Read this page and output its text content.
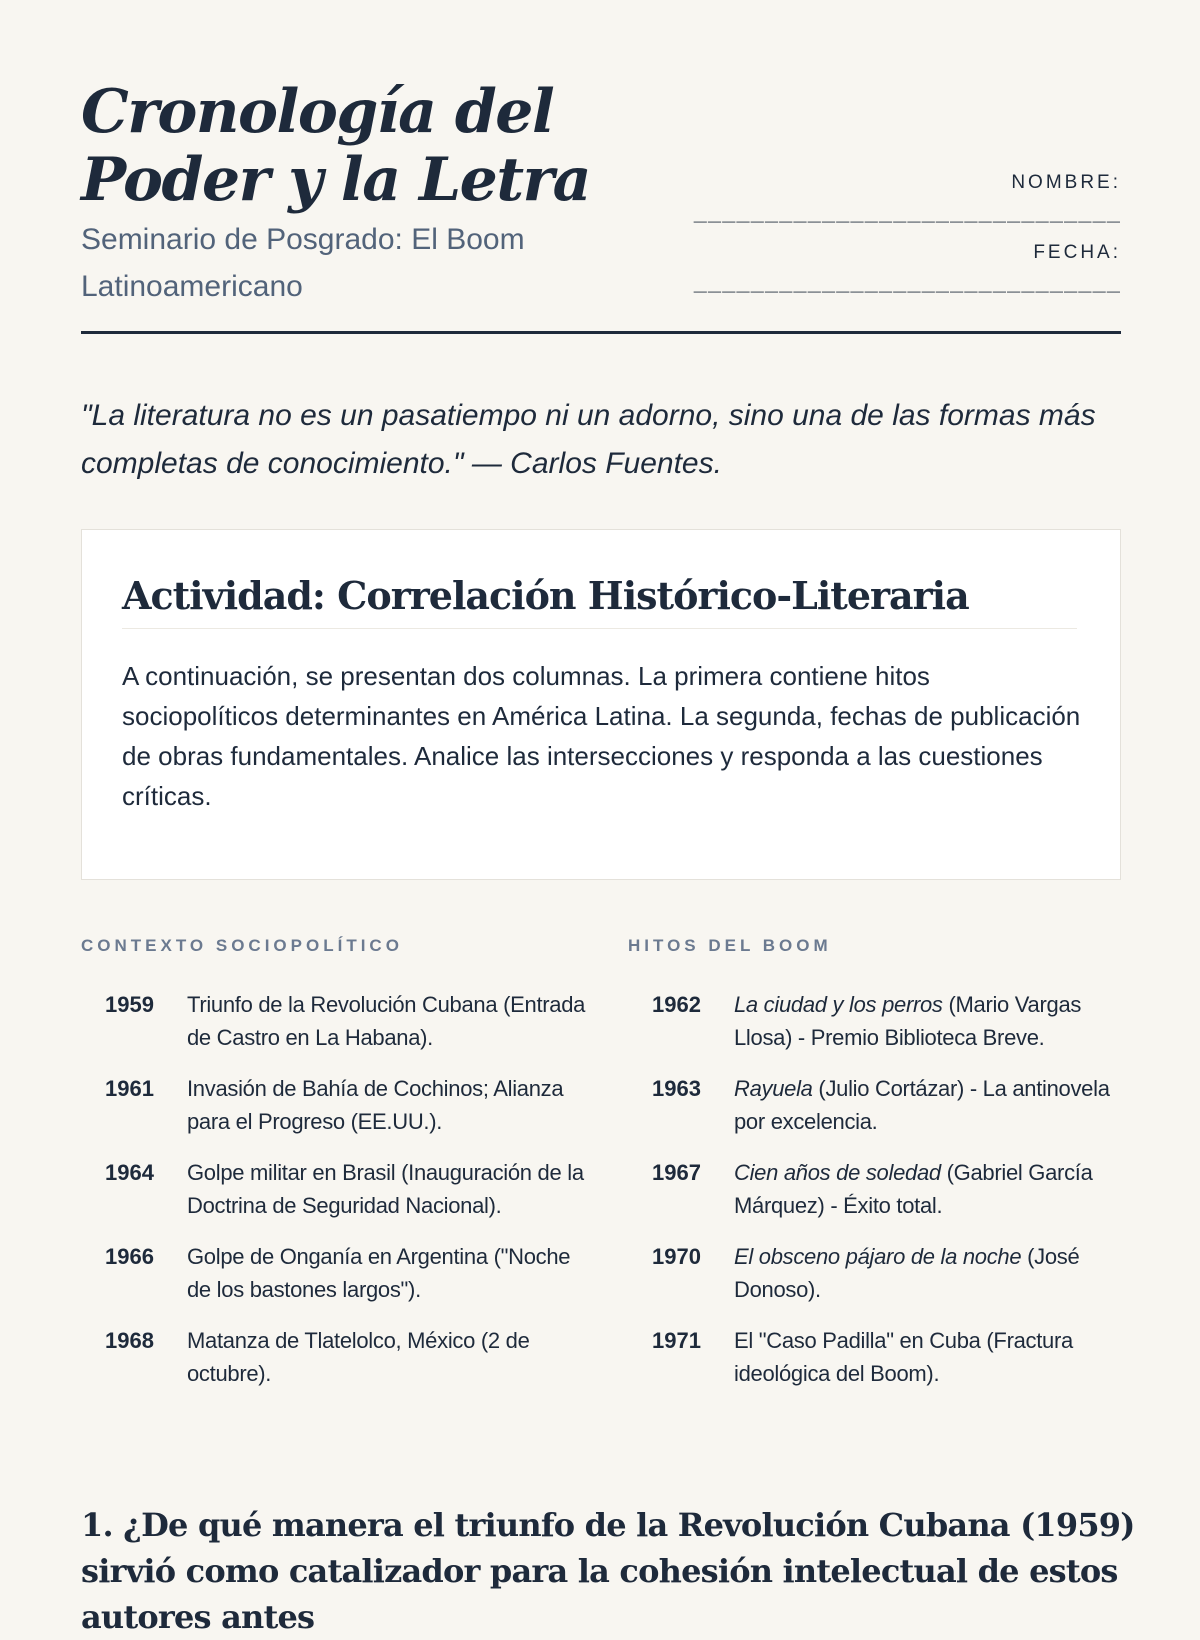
Cronología del
Poder y la Letra
Seminario de Posgrado: El Boom Latinoamericano
NOMBRE:
______________________________
FECHA:
______________________________

"La literatura no es un pasatiempo ni un adorno, sino una de las formas más completas de conocimiento." — Carlos Fuentes.

Actividad: Correlación Histórico-Literaria

A continuación, se presentan dos columnas. La primera contiene hitos sociopolíticos determinantes en América Latina. La segunda, fechas de publicación de obras fundamentales. Analice las intersecciones y responda a las cuestiones críticas.

CONTEXTO SOCIOPOLÍTICO
1959	Triunfo de la Revolución Cubana (Entrada de Castro en La Habana).
1961	Invasión de Bahía de Cochinos; Alianza para el Progreso (EE.UU.).
1964	Golpe militar en Brasil (Inauguración de la Doctrina de Seguridad Nacional).
1966	Golpe de Onganía en Argentina ("Noche de los bastones largos").
1968	Matanza de Tlatelolco, México (2 de octubre).
HITOS DEL BOOM
1962	La ciudad y los perros (Mario Vargas Llosa) - Premio Biblioteca Breve.
1963	Rayuela (Julio Cortázar) - La antinovela por excelencia.
1967	Cien años de soledad (Gabriel García Márquez) - Éxito total.
1970	El obsceno pájaro de la noche (José Donoso).
1971	El "Caso Padilla" en Cuba (Fractura ideológica del Boom).
1. ¿De qué manera el triunfo de la Revolución Cubana (1959) sirvió como catalizador para la cohesión intelectual de estos autores antes
